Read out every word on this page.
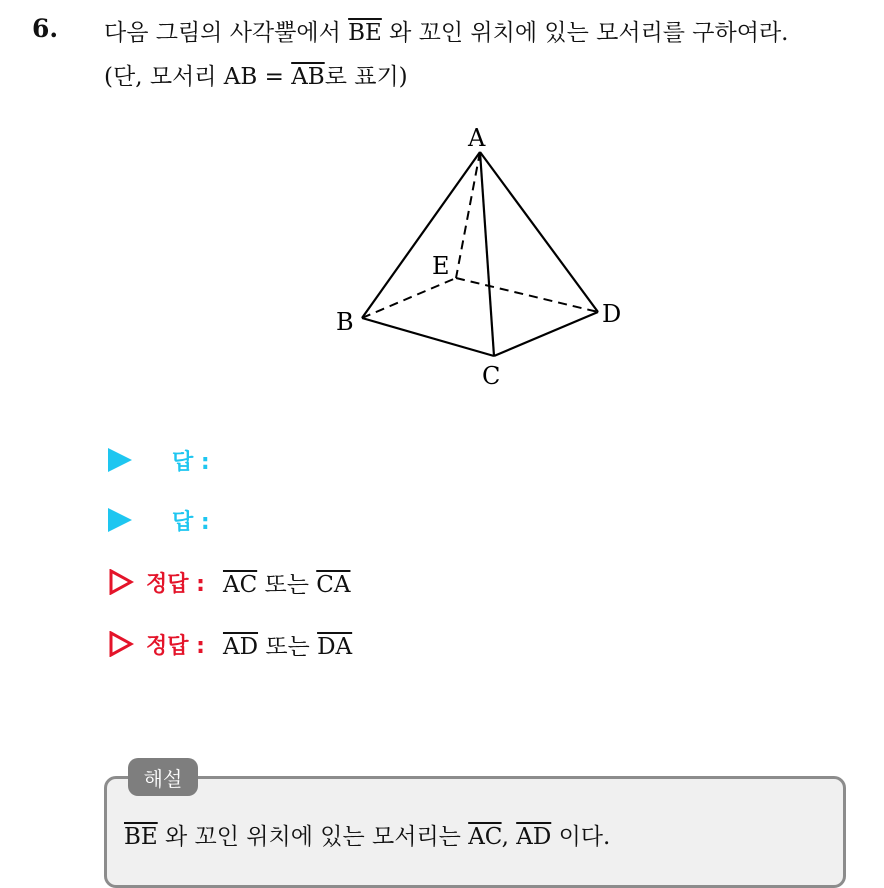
6. 다음 그림의 사각뿔에서 $\overline{BE}$ 와 꼬인 위치에 있는 모서리를 구하여라.
(단, 모서리 AB = $\overline{AB}$로 표기)
A
B
C
D
E
답 :
답 :
정답 : $\overline{AC}$ 또는 $\overline{CA}$
정답 : $\overline{AD}$ 또는 $\overline{DA}$
해설
$\overline{BE}$ 와 꼬인 위치에 있는 모서리는 $\overline{AC}$, $\overline{AD}$ 이다.
